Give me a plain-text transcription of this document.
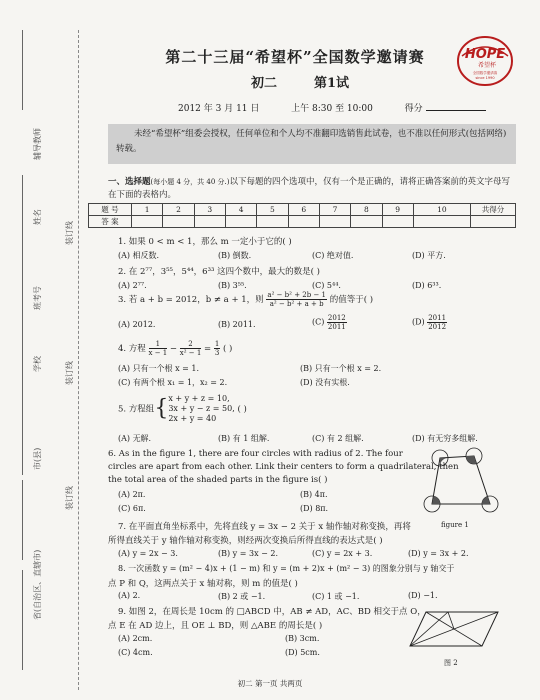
辅导教师
姓名
装订线
班考号
学校	装订线
市(县)
装订线
省(自治区、直辖市)
第二十三届“希望杯”全国数学邀请赛
初二	第1试
HOPE
希望杯
全国数学邀请赛
since 1990
2012 年 3 月 11 日	上午 8:30 至 10:00	得分
未经“希望杯”组委会授权，任何单位和个人均不准翻印选销售此试卷，也不准以任何形式(包括网络)转载。
一、选择题(每小题 4 分，共 40 分.)以下每题的四个选项中，仅有一个是正确的，请将正确答案前的英文字母写在下面的表格内。
题 号	1	2	3	4	5	6	7	8	9	10	共得分
答 案											
1. 如果 0 < m < 1，那么 m 一定小于它的( )
(A) 相反数.	(B) 倒数.	(C) 绝对值.	(D) 平方.
2. 在 2⁷⁷，3⁵⁵，5⁴⁴，6³³ 这四个数中，最大的数是( )
(A) 2⁷⁷.	(B) 3⁵⁵.	(C) 5⁴⁴.	(D) 6³³.
3. 若 a + b = 2012，b ≠ a + 1，则 $\frac{\text{a² − b² + 2b − 1}}{\text{a² − b² + a + b}}$ 的值等于( )
(A) 2012.	(B) 2011.	$(C) \frac{2012}{2011}$	$(D) \frac{2011}{2012}$
4. 方程 $\frac{1}{x - 1} - \frac{2}{\text{x² − 1}} = \frac{1}{3}$ ( )
(A) 只有一个根 x = 1.	(B) 只有一个根 x = 2.
(C) 有两个根 x₁ = 1，x₂ = 2.	(D) 没有实根.
5. 方程组{x + y + z = 10,
3x + y − z = 50,
2x + y = 40 ( )
(A) 无解.	(B) 有 1 组解.	(C) 有 2 组解.	(D) 有无穷多组解.
6. As in the figure 1, there are four circles with radius of 2. The four
circles are apart from each other. Link their centers to form a quadrilateral, then
the total area of the shaded parts in the figure is( )
(A) 2π.	(B) 4π.
(C) 6π.	(D) 8π.
figure 1
7. 在平面直角坐标系中，先将直线 y = 3x − 2 关于 x 轴作轴对称变换，再将
所得直线关于 y 轴作轴对称变换，则经两次变换后所得直线的表达式是( )
(A) y = 2x − 3.	(B) y = 3x − 2.	(C) y = 2x + 3.	(D) y = 3x + 2.
8. 一次函数 y = (m² − 4)x + (1 − m) 和 y = (m + 2)x + (m² − 3) 的图象分别与 y 轴交于
点 P 和 Q，这两点关于 x 轴对称，则 m 的值是( )
(A) 2.	(B) 2 或 −1.	(C) 1 或 −1.	(D) −1.
9. 如图 2，在周长是 10cm 的 □ABCD 中，AB ≠ AD，AC、BD 相交于点 O，
点 E 在 AD 边上，且 OE ⊥ BD，则 △ABE 的周长是( )
(A) 2cm.	(B) 3cm.
(C) 4cm.	(D) 5cm.
图 2
初二 第一页 共两页
